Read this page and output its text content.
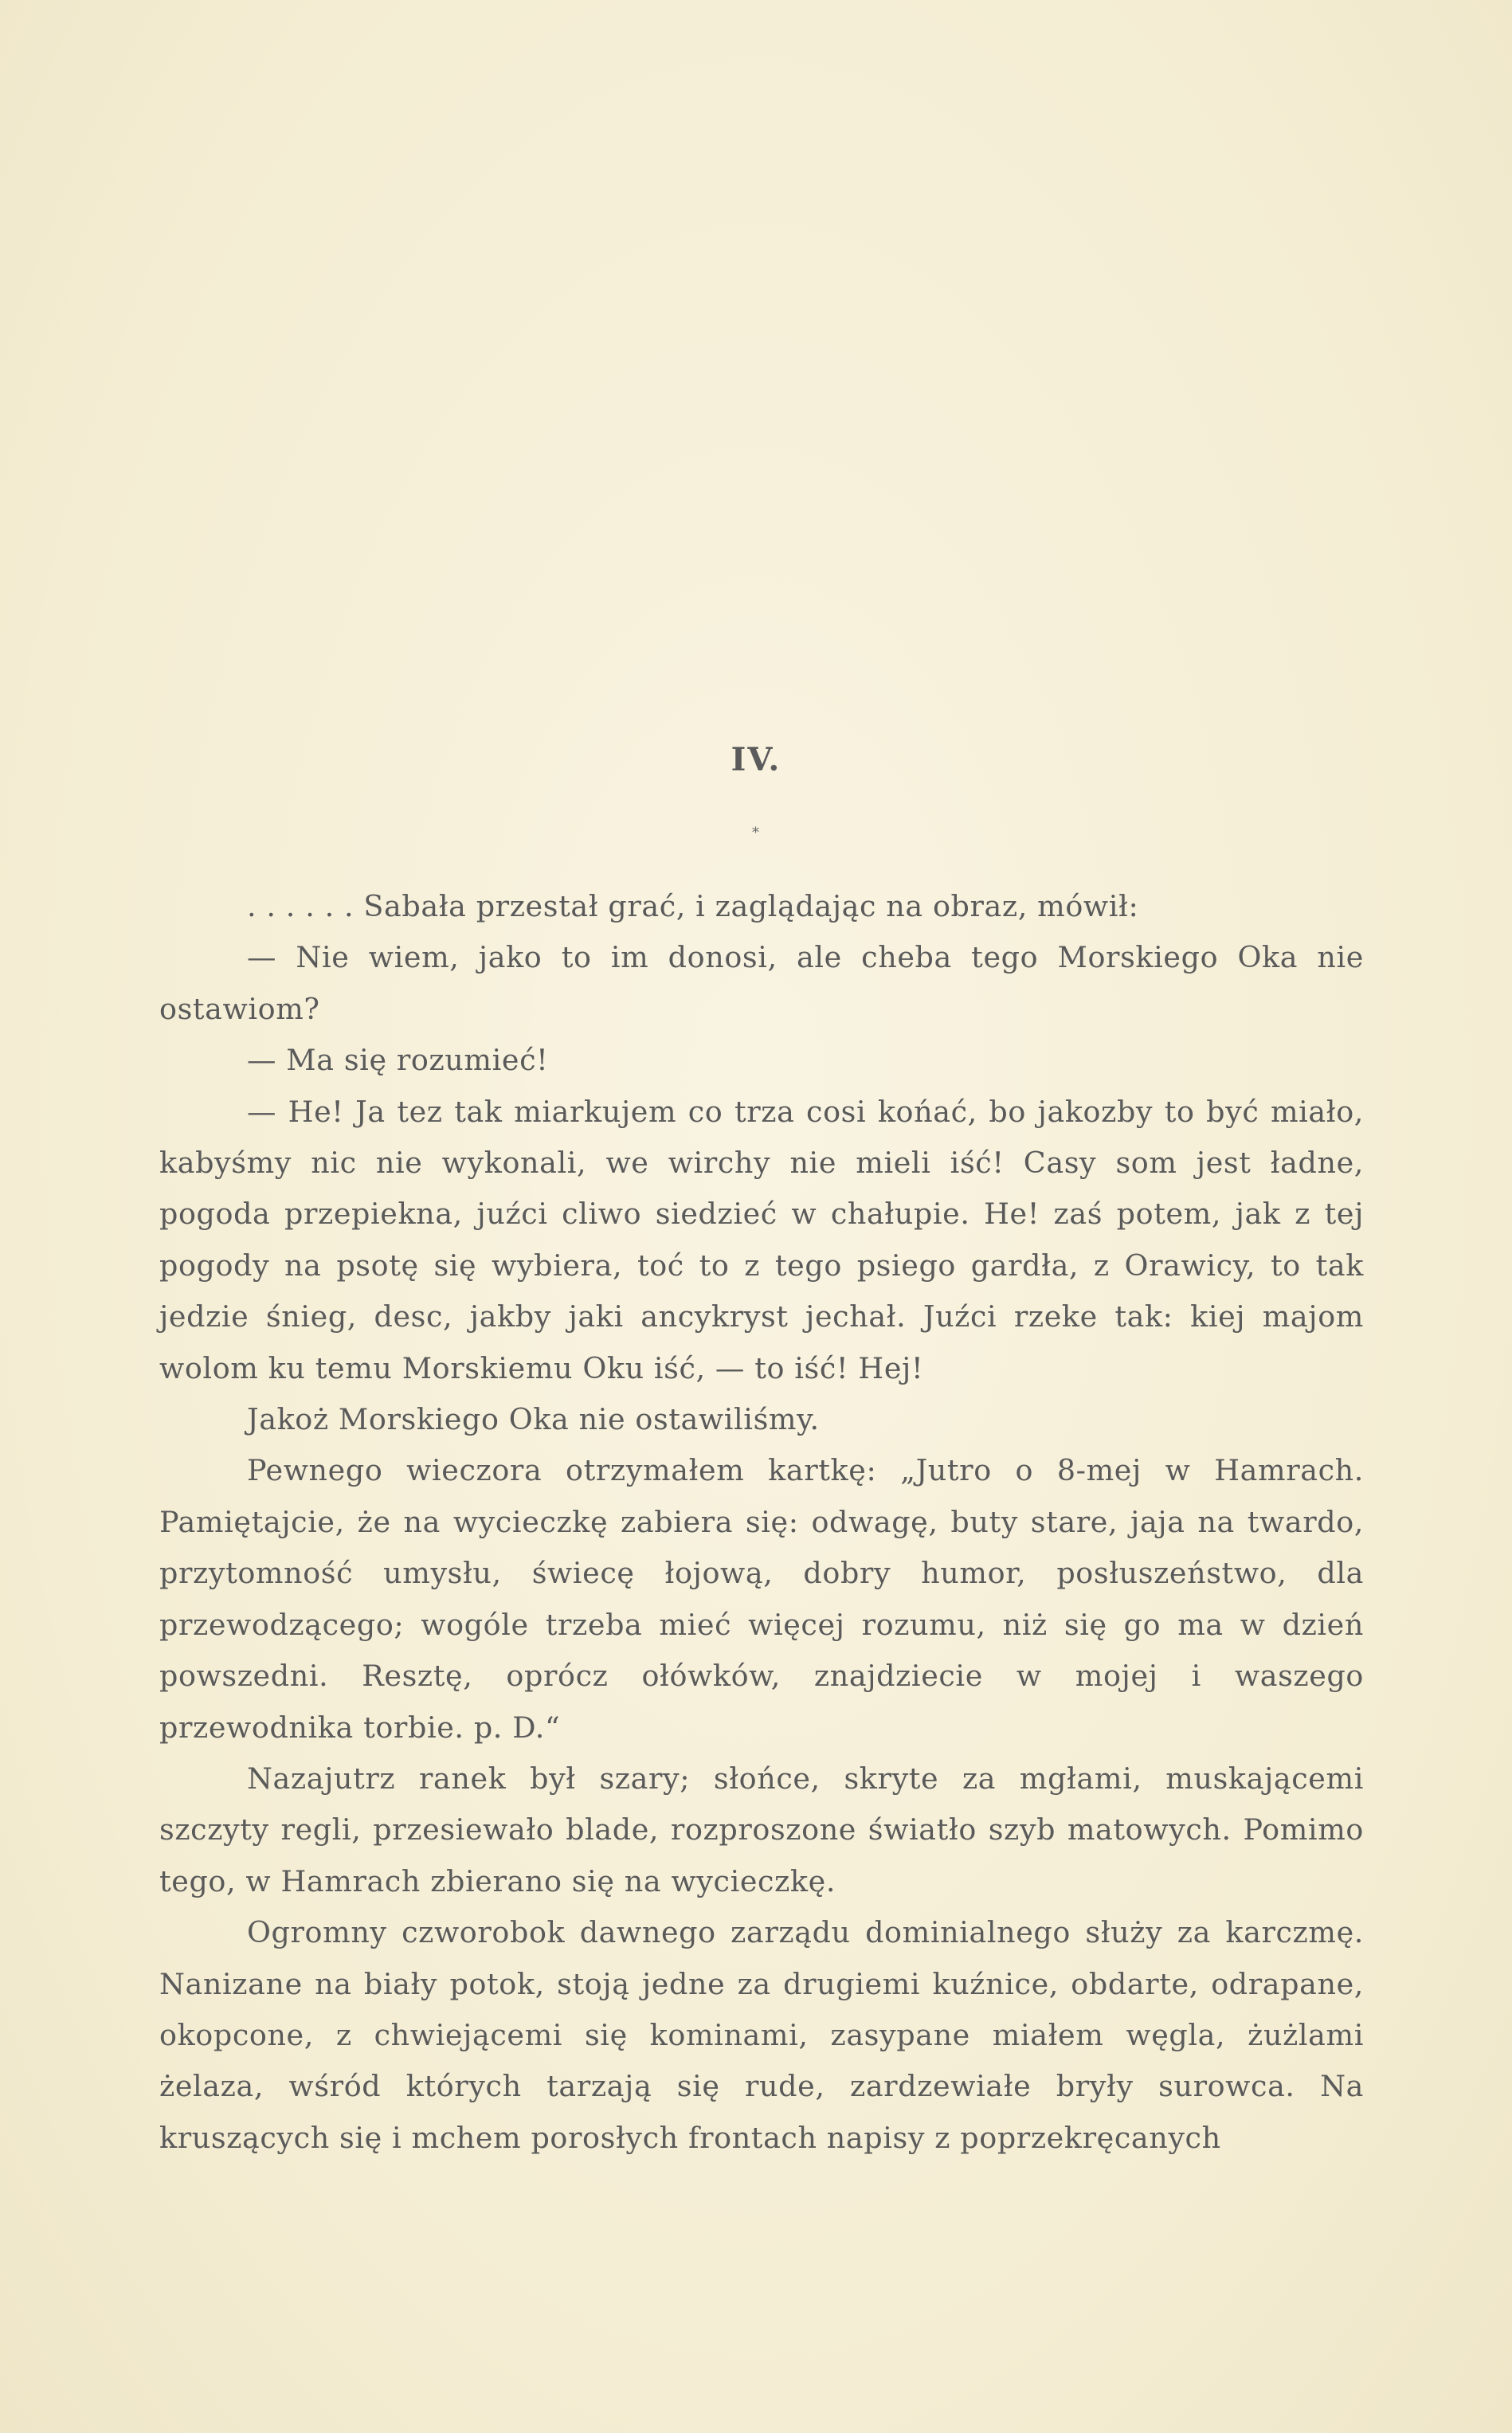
IV.
*

. . . . . . Sabała przestał grać, i zaglądając na obraz, mówił:

— Nie wiem, jako to im donosi, ale cheba tego Morskiego Oka nie ostawiom?

— Ma się rozumieć!

— He! Ja tez tak miarkujem co trza cosi końać, bo jakozby to być miało, kabyśmy nic nie wykonali, we wirchy nie mieli iść! Casy som jest ładne, pogoda przepiekna, juźci cliwo siedzieć w chałupie. He! zaś potem, jak z tej pogody na psotę się wybiera, toć to z tego psiego gardła, z Orawicy, to tak jedzie śnieg, desc, jakby jaki ancykryst jechał. Juźci rzeke tak: kiej majom wolom ku temu Morskiemu Oku iść, — to iść! Hej!

Jakoż Morskiego Oka nie ostawiliśmy.

Pewnego wieczora otrzymałem kartkę: „Jutro o 8-mej w Hamrach. Pamiętajcie, że na wycieczkę zabiera się: odwagę, buty stare, jaja na twardo, przytomność umysłu, świecę łojową, dobry humor, posłuszeństwo, dla przewodzącego; wogóle trzeba mieć więcej rozumu, niż się go ma w dzień powszedni. Resztę, oprócz ołówków, znajdziecie w mojej i waszego przewodnika torbie. p. D.“

Nazajutrz ranek był szary; słońce, skryte za mgłami, muskającemi szczyty regli, przesiewało blade, rozproszone światło szyb matowych. Pomimo tego, w Hamrach zbierano się na wycieczkę.

Ogromny czworobok dawnego zarządu dominialnego służy za karczmę. Nanizane na biały potok, stoją jedne za drugiemi kuźnice, obdarte, odrapane, okopcone, z chwiejącemi się kominami, zasypane miałem węgla, żużlami żelaza, wśród których tarzają się rude, zardzewiałe bryły surowca. Na kruszących się i mchem porosłych frontach napisy z poprzekręcanych
